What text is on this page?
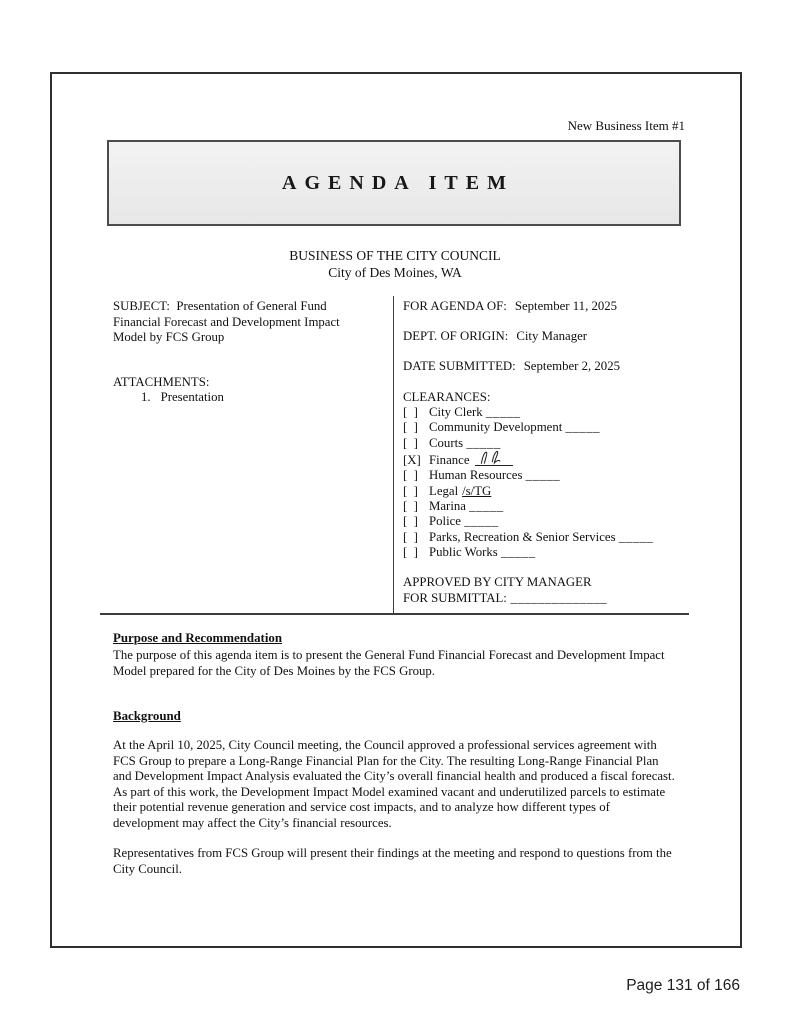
New Business Item #1
AGENDA ITEM
BUSINESS OF THE CITY COUNCIL
City of Des Moines, WA
SUBJECT: Presentation of General Fund Financial Forecast and Development Impact Model by FCS Group
ATTACHMENTS:
1. Presentation
FOR AGENDA OF: September 11, 2025
DEPT. OF ORIGIN: City Manager
DATE SUBMITTED: September 2, 2025
CLEARANCES:
[  ] City Clerk _____
[  ] Community Development _____
[  ] Courts _____
[X] Finance
[  ] Human Resources _____
[  ] Legal /s/TG
[  ] Marina _____
[  ] Police _____
[  ] Parks, Recreation & Senior Services _____
[  ] Public Works _____
APPROVED BY CITY MANAGER
FOR SUBMITTAL: ______________
Purpose and Recommendation
The purpose of this agenda item is to present the General Fund Financial Forecast and Development Impact Model prepared for the City of Des Moines by the FCS Group.
Background
At the April 10, 2025, City Council meeting, the Council approved a professional services agreement with FCS Group to prepare a Long-Range Financial Plan for the City. The resulting Long-Range Financial Plan and Development Impact Analysis evaluated the City’s overall financial health and produced a fiscal forecast. As part of this work, the Development Impact Model examined vacant and underutilized parcels to estimate their potential revenue generation and service cost impacts, and to analyze how different types of development may affect the City’s financial resources.
Representatives from FCS Group will present their findings at the meeting and respond to questions from the City Council.
Page 131 of 166
